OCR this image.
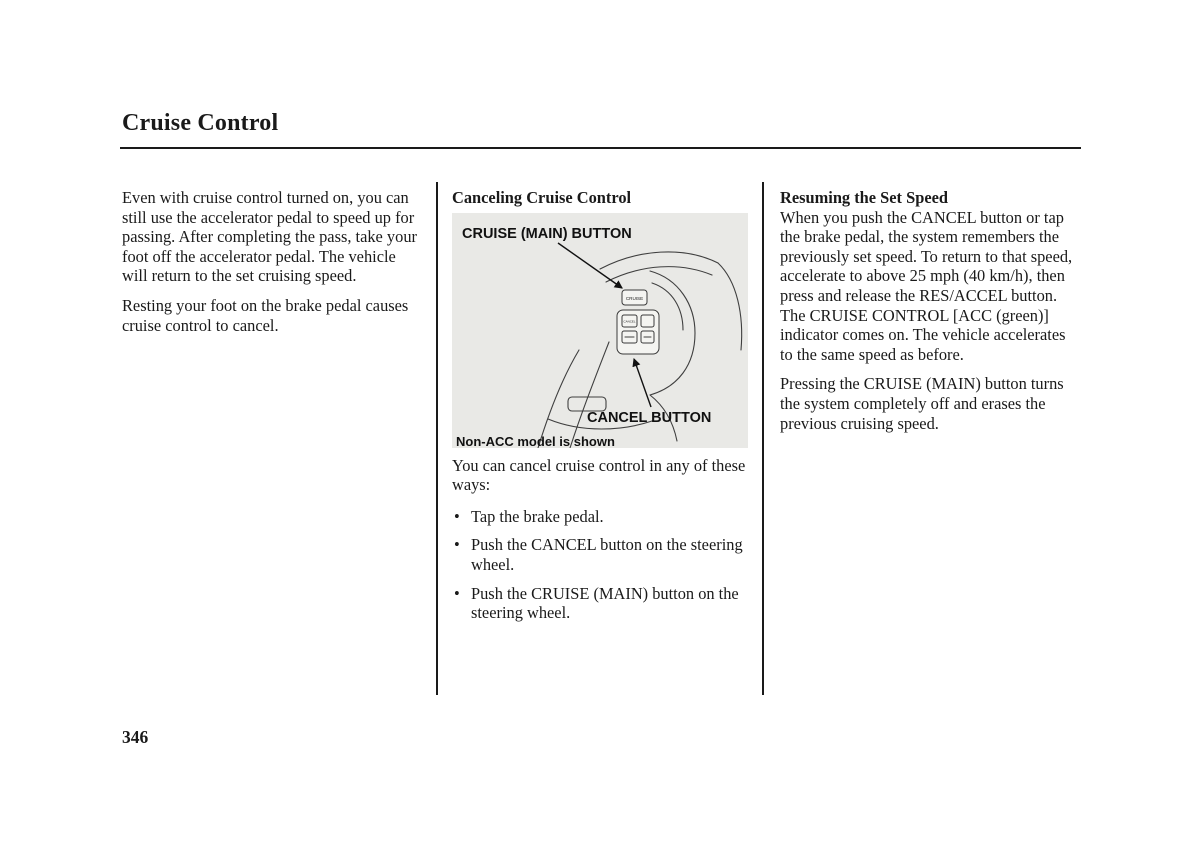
Cruise Control

Even with cruise control turned on, you can still use the accelerator pedal to speed up for passing. After completing the pass, take your foot off the accelerator pedal. The vehicle will return to the set cruising speed.

Resting your foot on the brake pedal causes cruise control to cancel.

Canceling Cruise Control
CRUISE
CANCEL
CRUISE (MAIN) BUTTON
CANCEL BUTTON
Non-ACC model is shown

You can cancel cruise control in any of these ways:

• Tap the brake pedal.
• Push the CANCEL button on the steering wheel.
• Push the CRUISE (MAIN) button on the steering wheel.
Resuming the Set Speed

When you push the CANCEL button or tap the brake pedal, the system remembers the previously set speed. To return to that speed, accelerate to above 25 mph (40 km/h), then press and release the RES/ACCEL button. The CRUISE CONTROL [ACC (green)] indicator comes on. The vehicle accelerates to the same speed as before.

Pressing the CRUISE (MAIN) button turns the system completely off and erases the previous cruising speed.

346
